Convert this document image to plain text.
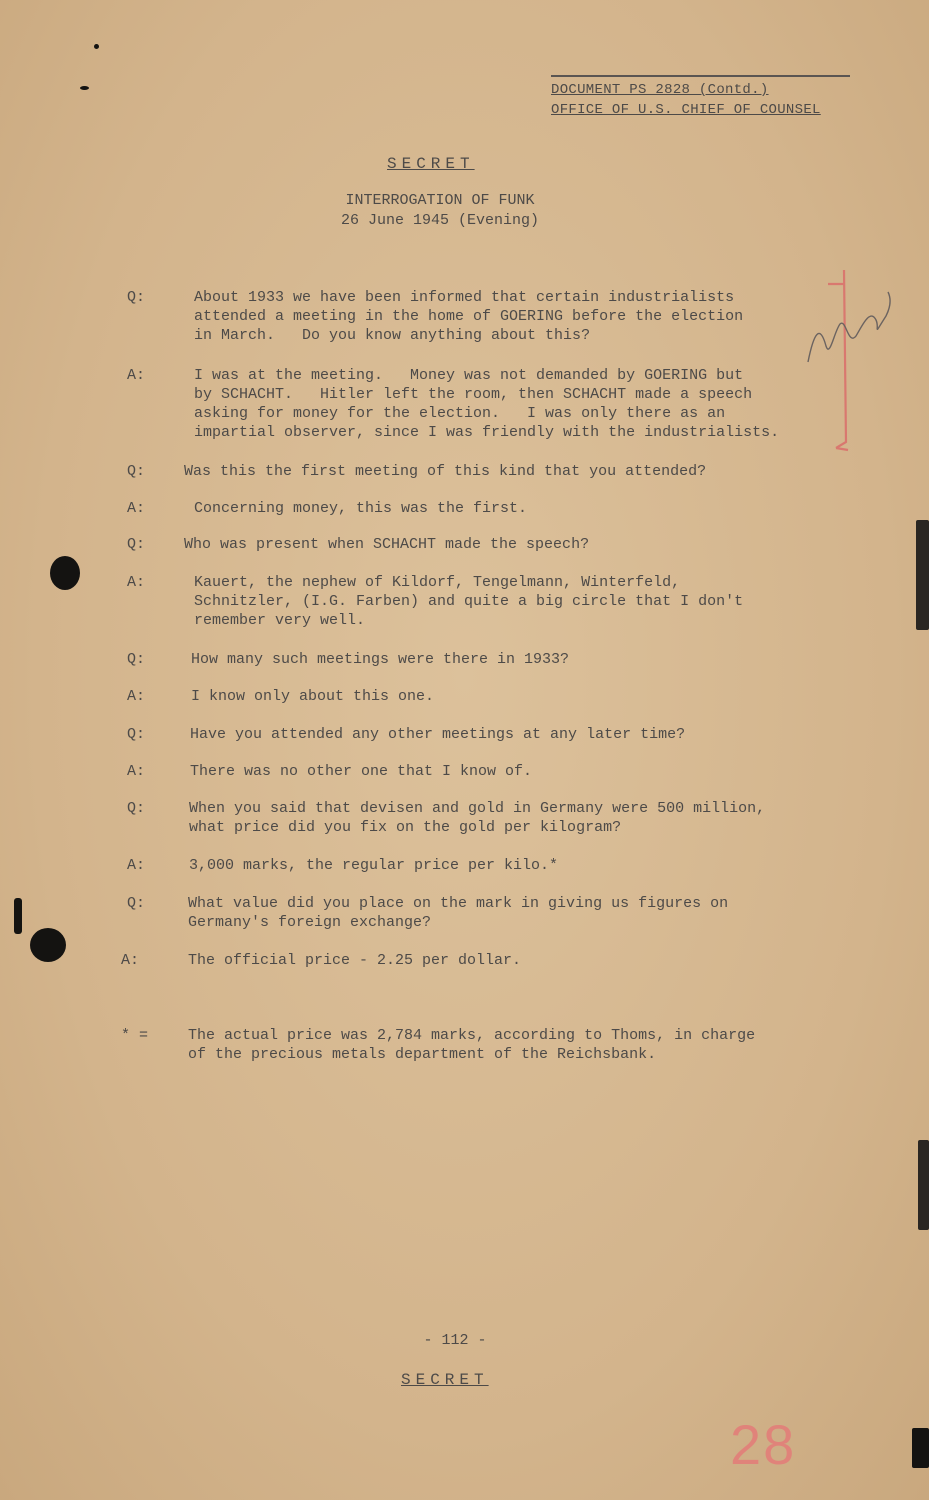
DOCUMENT PS 2828 (Contd.)
OFFICE OF U.S. CHIEF OF COUNSEL
SECRET
INTERROGATION OF FUNK
26 June 1945 (Evening)
Q:	About 1933 we have been informed that certain industrialists
attended a meeting in the home of GOERING before the election
in March.   Do you know anything about this?
A:	I was at the meeting.   Money was not demanded by GOERING but
by SCHACHT.   Hitler left the room, then SCHACHT made a speech
asking for money for the election.   I was only there as an
impartial observer, since I was friendly with the industrialists.
Q:	Was this the first meeting of this kind that you attended?
A:	Concerning money, this was the first.
Q:	Who was present when SCHACHT made the speech?
A:	Kauert, the nephew of Kildorf, Tengelmann, Winterfeld,
Schnitzler, (I.G. Farben) and quite a big circle that I don't
remember very well.
Q:	How many such meetings were there in 1933?
A:	I know only about this one.
Q:	Have you attended any other meetings at any later time?
A:	There was no other one that I know of.
Q:	When you said that devisen and gold in Germany were 500 million,
what price did you fix on the gold per kilogram?
A:	3,000 marks, the regular price per kilo.*
Q:	What value did you place on the mark in giving us figures on
Germany's foreign exchange?
A:	The official price - 2.25 per dollar.
* =	The actual price was 2,784 marks, according to Thoms, in charge
of the precious metals department of the Reichsbank.
- 112 -
SECRET
28
